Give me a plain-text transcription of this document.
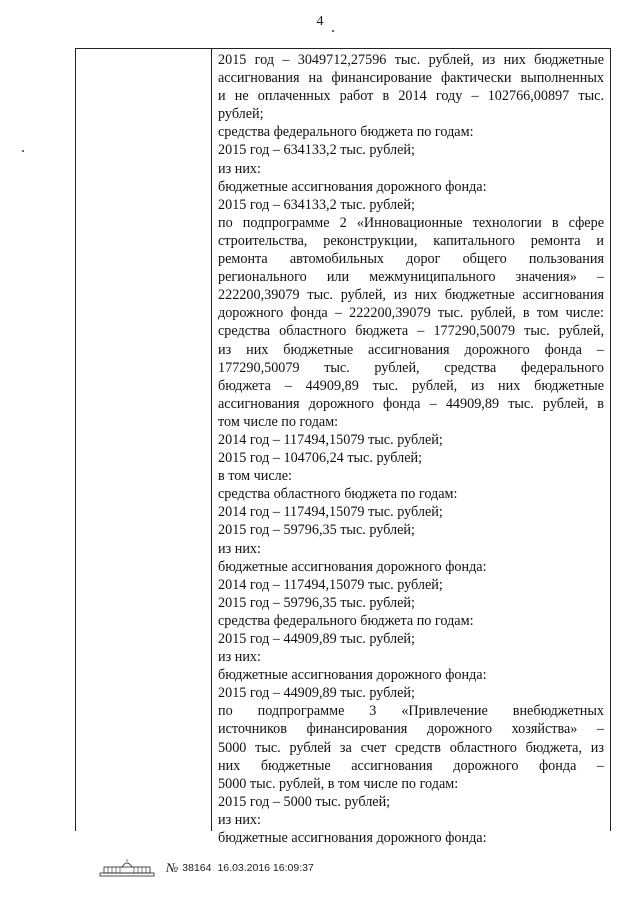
4
2015 год – 3049712,27596 тыс. рублей, из них бюджетные
ассигнования на финансирование фактически выполненных
и не оплаченных работ в 2014 году – 102766,00897 тыс.
рублей;
средства федерального бюджета по годам:
2015 год – 634133,2 тыс. рублей;
из них:
бюджетные ассигнования дорожного фонда:
2015 год – 634133,2 тыс. рублей;
по подпрограмме 2 «Инновационные технологии в сфере
строительства, реконструкции, капитального ремонта и
ремонта автомобильных дорог общего пользования
регионального или межмуниципального значения» –
222200,39079 тыс. рублей, из них бюджетные ассигнования
дорожного фонда – 222200,39079 тыс. рублей, в том числе:
средства областного бюджета – 177290,50079 тыс. рублей,
из них бюджетные ассигнования дорожного фонда –
177290,50079 тыс. рублей, средства федерального
бюджета – 44909,89 тыс. рублей, из них бюджетные
ассигнования дорожного фонда – 44909,89 тыс. рублей, в
том числе по годам:
2014 год – 117494,15079 тыс. рублей;
2015 год – 104706,24 тыс. рублей;
в том числе:
средства областного бюджета по годам:
2014 год – 117494,15079 тыс. рублей;
2015 год – 59796,35 тыс. рублей;
из них:
бюджетные ассигнования дорожного фонда:
2014 год – 117494,15079 тыс. рублей;
2015 год – 59796,35 тыс. рублей;
средства федерального бюджета по годам:
2015 год – 44909,89 тыс. рублей;
из них:
бюджетные ассигнования дорожного фонда:
2015 год – 44909,89 тыс. рублей;
по подпрограмме 3 «Привлечение внебюджетных
источников финансирования дорожного хозяйства» –
5000 тыс. рублей за счет средств областного бюджета, из
них бюджетные ассигнования дорожного фонда –
5000 тыс. рублей, в том числе по годам:
2015 год – 5000 тыс. рублей;
из них:
бюджетные ассигнования дорожного фонда:
№ 38164 16.03.2016 16:09:37
